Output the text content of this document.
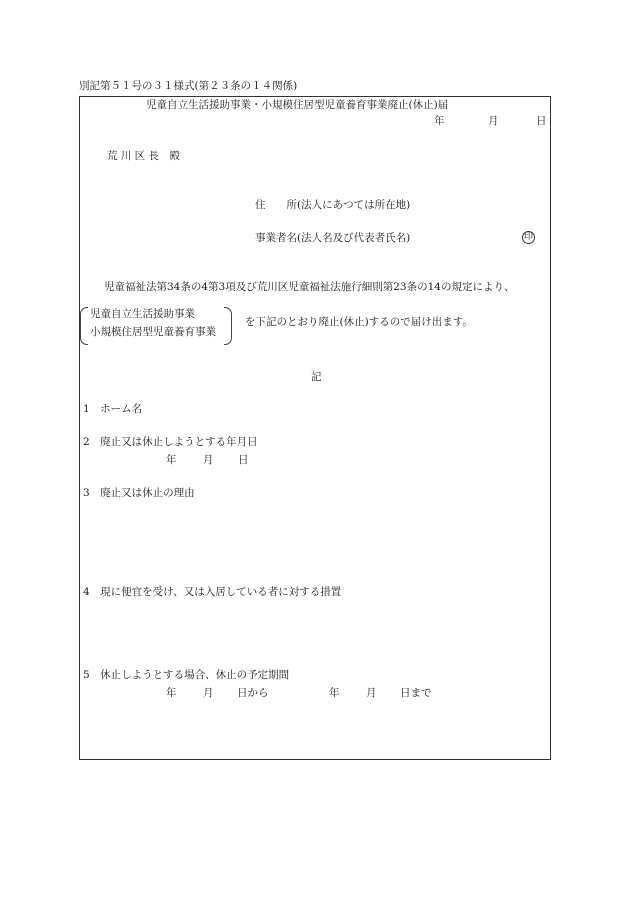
別記第５１号の３１様式(第２３条の１４関係)
児童自立生活援助事業・小規模住居型児童養育事業廃止(休止)届
年	月	日
荒 川 区 長　殿
住　　所(法人にあつては所在地)
事業者名(法人名及び代表者氏名)	印
児童福祉法第34条の4第3項及び荒川区児童福祉法施行細則第23条の14の規定により、
児童自立生活援助事業
小規模住居型児童養育事業
を下記のとおり廃止(休止)するので届け出ます。
記
1　ホーム名
2　廃止又は休止しようとする年月日
年	月 日
3　廃止又は休止の理由
4　現に便宜を受け、又は入居している者に対する措置
5　休止しようとする場合、休止の予定期間
年	月 日から	年	月 日まで
